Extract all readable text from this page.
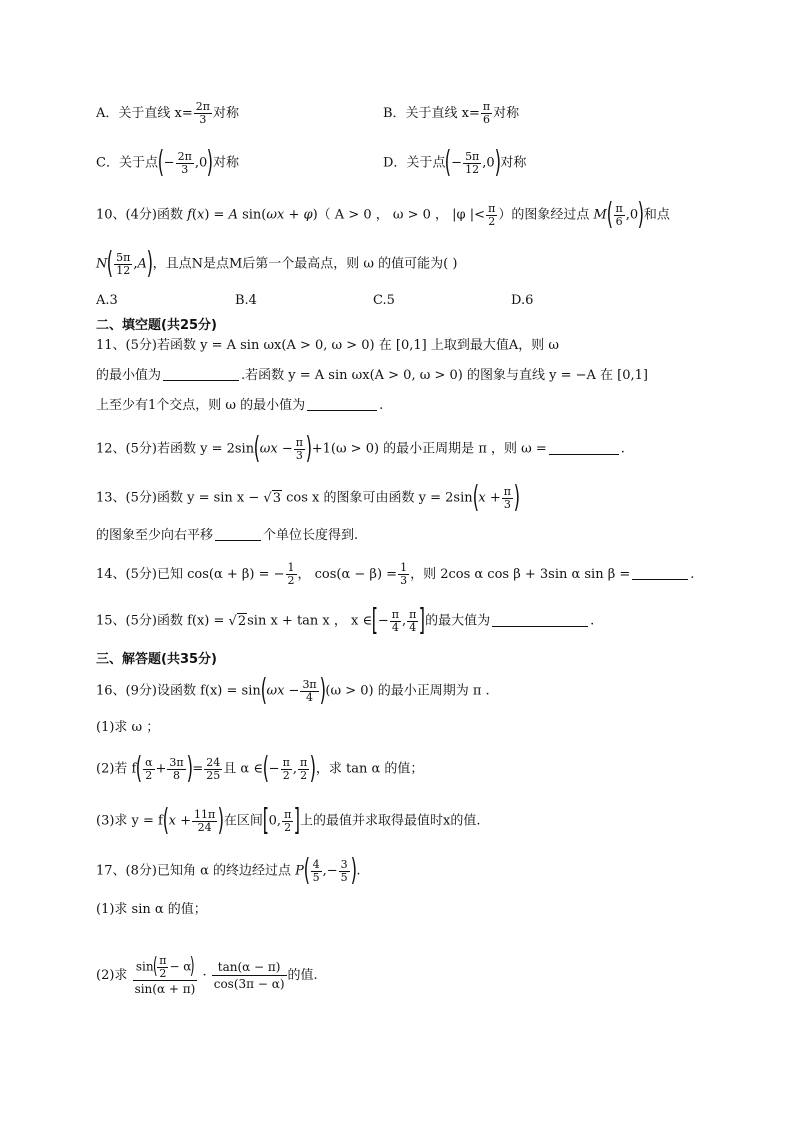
A．关于直线 $x= \frac{2\pi}{3}$ 对称	B．关于直线 $x= \frac{\pi}{6}$ 对称
C．关于点(− $\frac{2\pi}{3} ,0$)对称	D．关于点(− $\frac{5\pi}{12} ,0$)对称
10、(4分)函数 f(x) = A sin(ωx + φ)（ A > 0 ， ω > 0 ， |φ |< $\frac{\pi}{2}$ ）的图象经过点 $M( \frac{\pi}{6} ,0)$和点
$N( \frac{5\pi}{12} ,A)$，且点N是点M后第一个最高点，则 ω 的值可能为( )
A.3	B.4	C.5	D.6
二、填空题(共25分)
11、(5分)若函数 y = A sin ωx(A > 0, ω > 0) 在 [0,1] 上取到最大值A，则 ω
的最小值为	.若函数 y = A sin ωx(A > 0, ω > 0) 的图象与直线 y = −A 在 [0,1]
上至少有1个交点，则 ω 的最小值为	.
12、(5分)若函数 $y = 2\sin(\omega x - \frac{\pi}{3} )+1(\omega > 0)$ 的最小正周期是 π ，则 ω =	.
13、(5分)函数 y = sin x − √3 cos x 的图象可由函数 $y = 2\sin(x + \frac{\pi}{3}$ )
的图象至少向右平移	个单位长度得到.
14、(5分)已知 cos(α + β) = − $\frac{1}{2}$ ， $\cos(\alpha - \beta) = \frac{1}{3}$ ，则 2cos α cos β + 3sin α sin β =	.
15、(5分)函数 f(x) = √2sin x + tan x ， x ∈[− $\frac{\pi}{4}$ , $\frac{\pi}{4}$ ]的最大值为	.
三、解答题(共35分)
16、(9分)设函数 $f(x) = \sin(\omega x - \frac{3\pi}{4} )(\omega > 0)$ 的最小正周期为 π .
(1)求 ω ；
(2)若 $f( \frac{\alpha}{2} + \frac{3\pi}{8}$ )= $\frac{24}{25}$ 且 α ∈(− $\frac{\pi}{2}$ , $\frac{\pi}{2}$ )，求 tan α 的值；
(3)求 $y = f(x + \frac{11\pi}{24}$ )在区间[0, $\frac{\pi}{2}$ ]上的最值并求取得最值时x的值.
17、(8分)已知角 α 的终边经过点 $P( \frac{4}{5}$ ,− $\frac{3}{5}$ ).
(1)求 sin α 的值；
(2)求 $\frac{\sin( \frac{\pi}{2} - \alpha)}{\sin(\alpha + \pi)} \cdot \frac{\tan(\alpha - \pi)}{\cos(3\pi - \alpha)}$ 的值.
